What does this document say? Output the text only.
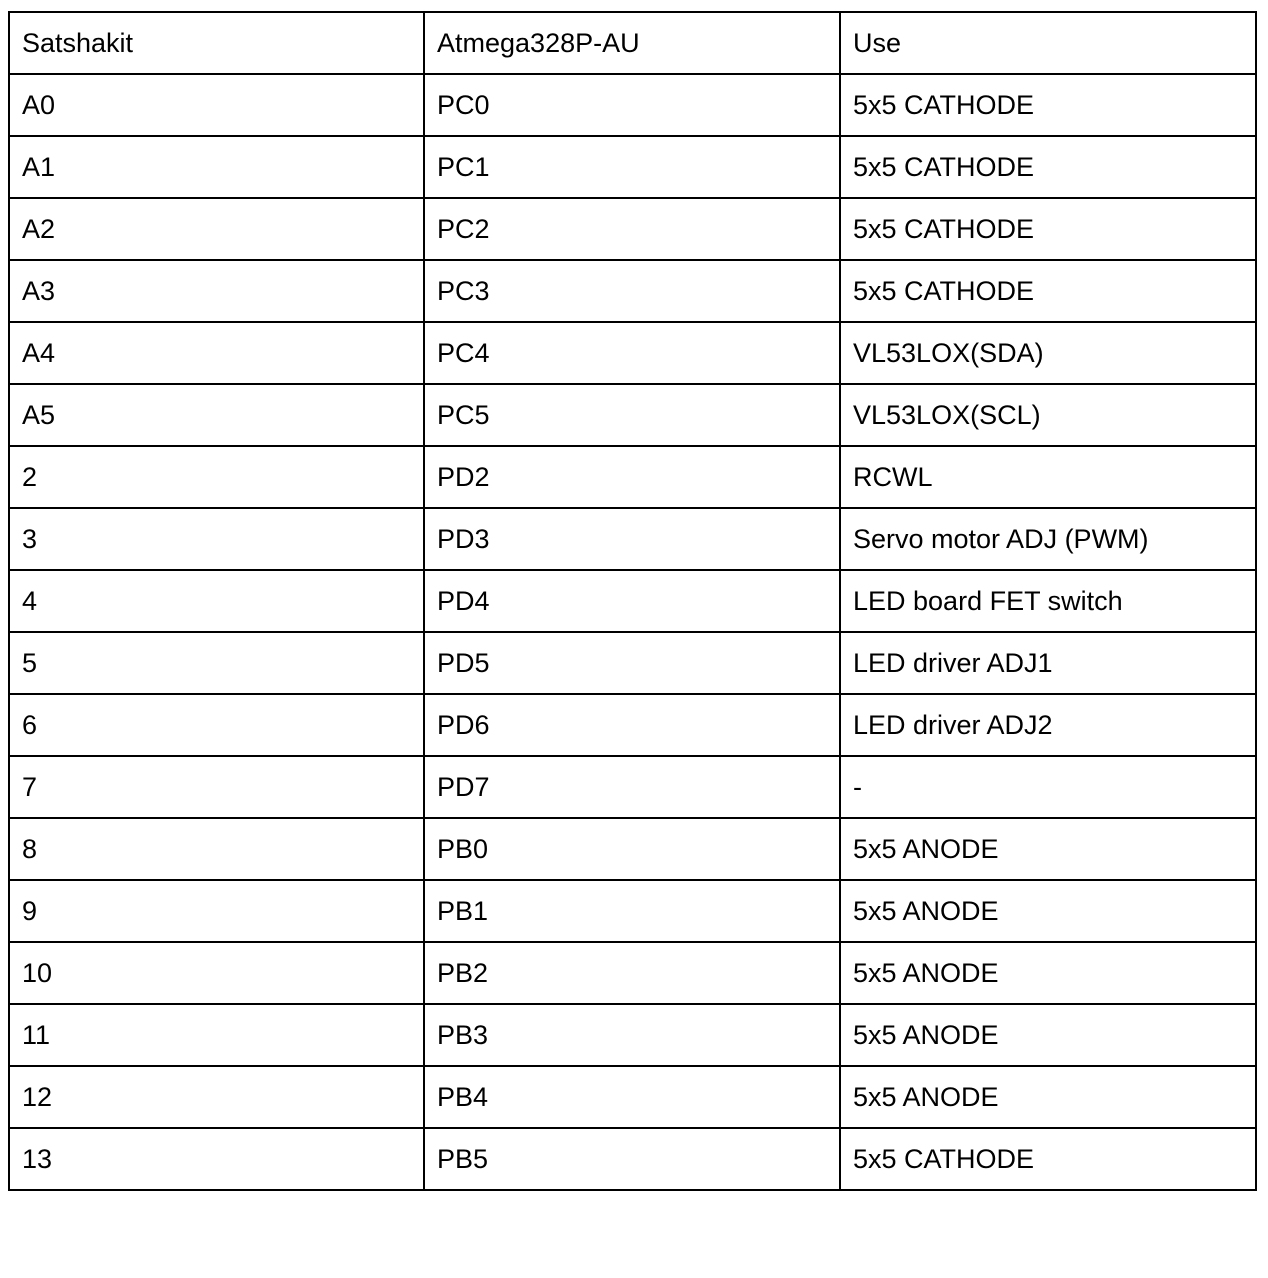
Satshakit	Atmega328P-AU	Use
A0	PC0	5x5 CATHODE
A1	PC1	5x5 CATHODE
A2	PC2	5x5 CATHODE
A3	PC3	5x5 CATHODE
A4	PC4	VL53LOX(SDA)
A5	PC5	VL53LOX(SCL)
2	PD2	RCWL
3	PD3	Servo motor ADJ (PWM)
4	PD4	LED board FET switch
5	PD5	LED driver ADJ1
6	PD6	LED driver ADJ2
7	PD7	-
8	PB0	5x5 ANODE
9	PB1	5x5 ANODE
10	PB2	5x5 ANODE
11	PB3	5x5 ANODE
12	PB4	5x5 ANODE
13	PB5	5x5 CATHODE
